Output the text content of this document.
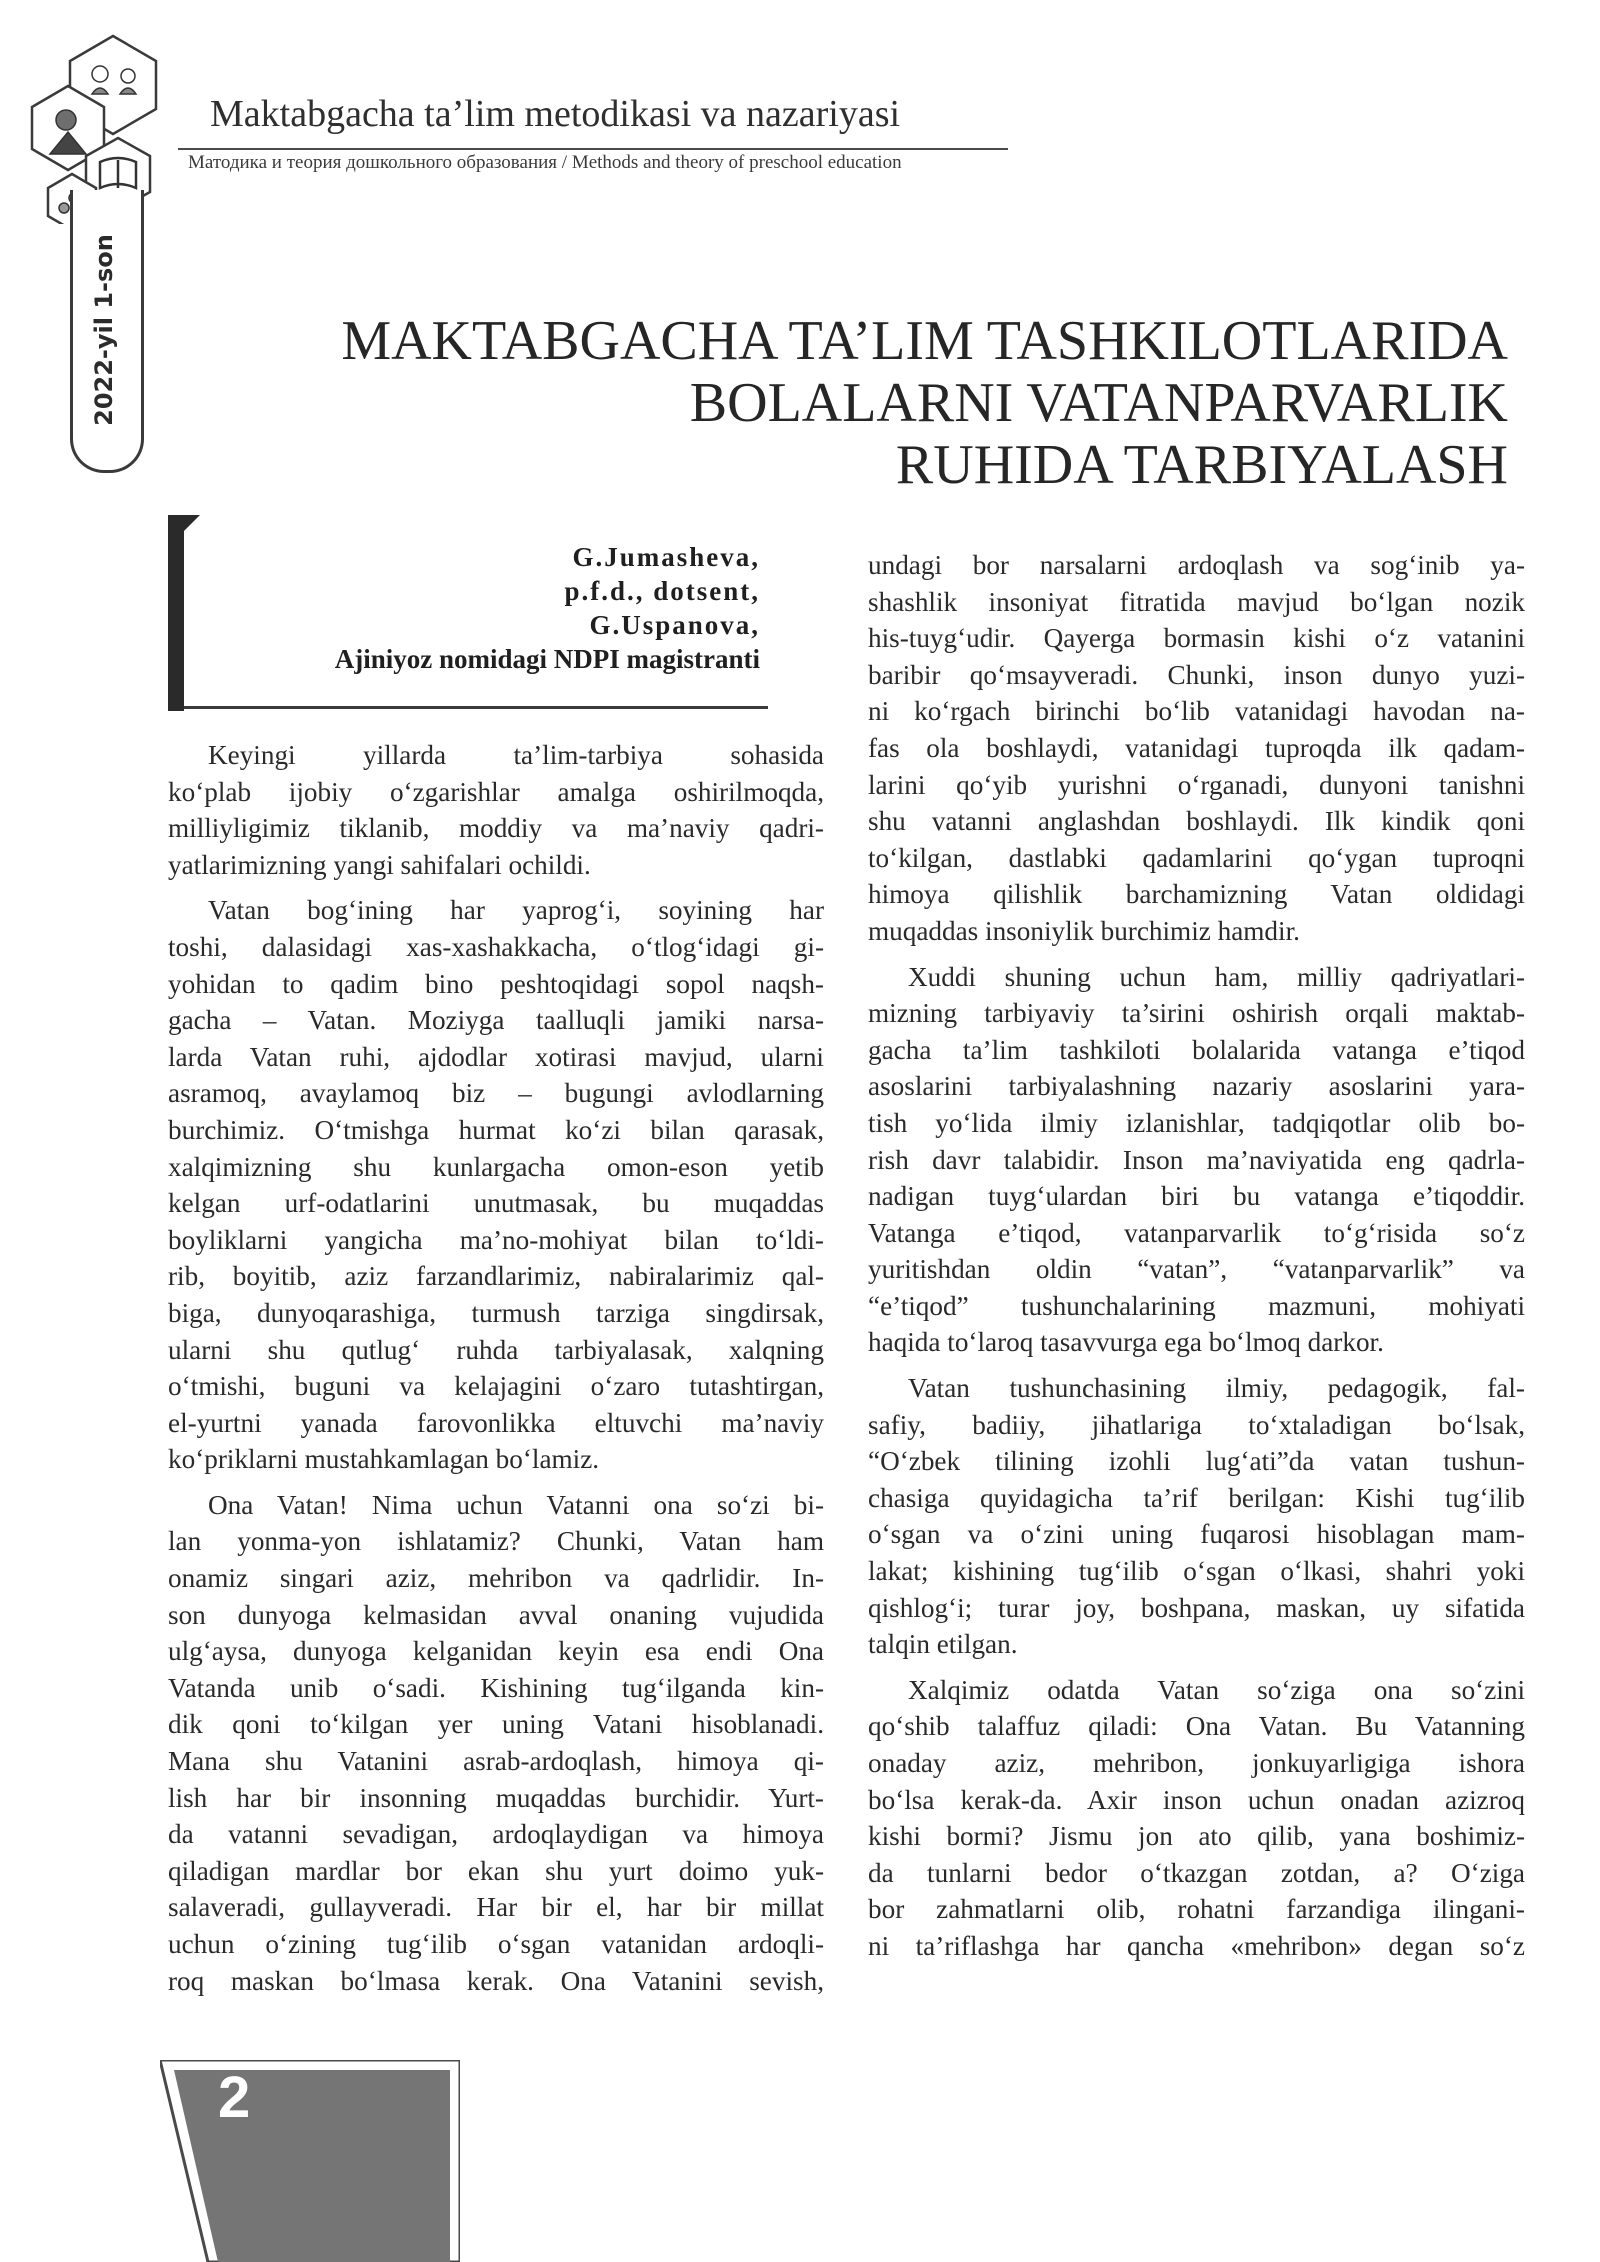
2022-yil 1-son
Maktabgacha ta’lim metodikasi va nazariyasi
Матодика и теория дошкольного образования / Methods and theory of preschool education
MAKTABGACHA TA’LIM TASHKILOTLARIDA
BOLALARNI VATANPARVARLIK
RUHIDA TARBIYALASH
G.Jumasheva,
p.f.d., dotsent,
G.Uspanova,
Ajiniyoz nomidagi NDPI magistranti
Keyingi yillarda ta’lim-tarbiya sohasida
ko‘plab ijobiy o‘zgarishlar amalga oshirilmoqda,
milliyligimiz tiklanib, moddiy va ma’naviy qadri-
yatlarimizning yangi sahifalari ochildi.
Vatan bog‘ining har yaprog‘i, soyining har
toshi, dalasidagi xas-xashakkacha, o‘tlog‘idagi gi-
yohidan to qadim bino peshtoqidagi sopol naqsh-
gacha – Vatan. Moziyga taalluqli jamiki narsa-
larda Vatan ruhi, ajdodlar xotirasi mavjud, ularni
asramoq, avaylamoq biz – bugungi avlodlarning
burchimiz. O‘tmishga hurmat ko‘zi bilan qarasak,
xalqimizning shu kunlargacha omon-eson yetib
kelgan urf-odatlarini unutmasak, bu muqaddas
boyliklarni yangicha ma’no-mohiyat bilan to‘ldi-
rib, boyitib, aziz farzandlarimiz, nabiralarimiz qal-
biga, dunyoqarashiga, turmush tarziga singdirsak,
ularni shu qutlug‘ ruhda tarbiyalasak, xalqning
o‘tmishi, buguni va kelajagini o‘zaro tutashtirgan,
el-yurtni yanada farovonlikka eltuvchi ma’naviy
ko‘priklarni mustahkamlagan bo‘lamiz.
Ona Vatan! Nima uchun Vatanni ona so‘zi bi-
lan yonma-yon ishlatamiz? Chunki, Vatan ham
onamiz singari aziz, mehribon va qadrlidir. In-
son dunyoga kelmasidan avval onaning vujudida
ulg‘aysa, dunyoga kelganidan keyin esa endi Ona
Vatanda unib o‘sadi. Kishining tug‘ilganda kin-
dik qoni to‘kilgan yer uning Vatani hisoblanadi.
Mana shu Vatanini asrab-ardoqlash, himoya qi-
lish har bir insonning muqaddas burchidir. Yurt-
da vatanni sevadigan, ardoqlaydigan va himoya
qiladigan mardlar bor ekan shu yurt doimo yuk-
salaveradi, gullayveradi. Har bir el, har bir millat
uchun o‘zining tug‘ilib o‘sgan vatanidan ardoqli-
roq maskan bo‘lmasa kerak. Ona Vatanini sevish,
undagi bor narsalarni ardoqlash va sog‘inib ya-
shashlik insoniyat fitratida mavjud bo‘lgan nozik
his-tuyg‘udir. Qayerga bormasin kishi o‘z vatanini
baribir qo‘msayveradi. Chunki, inson dunyo yuzi-
ni ko‘rgach birinchi bo‘lib vatanidagi havodan na-
fas ola boshlaydi, vatanidagi tuproqda ilk qadam-
larini qo‘yib yurishni o‘rganadi, dunyoni tanishni
shu vatanni anglashdan boshlaydi. Ilk kindik qoni
to‘kilgan, dastlabki qadamlarini qo‘ygan tuproqni
himoya qilishlik barchamizning Vatan oldidagi
muqaddas insoniylik burchimiz hamdir.
Xuddi shuning uchun ham, milliy qadriyatlari-
mizning tarbiyaviy ta’sirini oshirish orqali maktab-
gacha ta’lim tashkiloti bolalarida vatanga e’tiqod
asoslarini tarbiyalashning nazariy asoslarini yara-
tish yo‘lida ilmiy izlanishlar, tadqiqotlar olib bo-
rish davr talabidir. Inson ma’naviyatida eng qadrla-
nadigan tuyg‘ulardan biri bu vatanga e’tiqoddir.
Vatanga e’tiqod, vatanparvarlik to‘g‘risida so‘z
yuritishdan oldin “vatan”, “vatanparvarlik” va
“e’tiqod” tushunchalarining mazmuni, mohiyati
haqida to‘laroq tasavvurga ega bo‘lmoq darkor.
Vatan tushunchasining ilmiy, pedagogik, fal-
safiy, badiiy, jihatlariga to‘xtaladigan bo‘lsak,
“O‘zbek tilining izohli lug‘ati”da vatan tushun-
chasiga quyidagicha ta’rif berilgan: Kishi tug‘ilib
o‘sgan va o‘zini uning fuqarosi hisoblagan mam-
lakat; kishining tug‘ilib o‘sgan o‘lkasi, shahri yoki
qishlog‘i; turar joy, boshpana, maskan, uy sifatida
talqin etilgan.
Xalqimiz odatda Vatan so‘ziga ona so‘zini
qo‘shib talaffuz qiladi: Ona Vatan. Bu Vatanning
onaday aziz, mehribon, jonkuyarligiga ishora
bo‘lsa kerak-da. Axir inson uchun onadan azizroq
kishi bormi? Jismu jon ato qilib, yana boshimiz-
da tunlarni bedor o‘tkazgan zotdan, a? O‘ziga
bor zahmatlarni olib, rohatni farzandiga ilingani-
ni ta’riflashga har qancha «mehribon» degan so‘z
2
